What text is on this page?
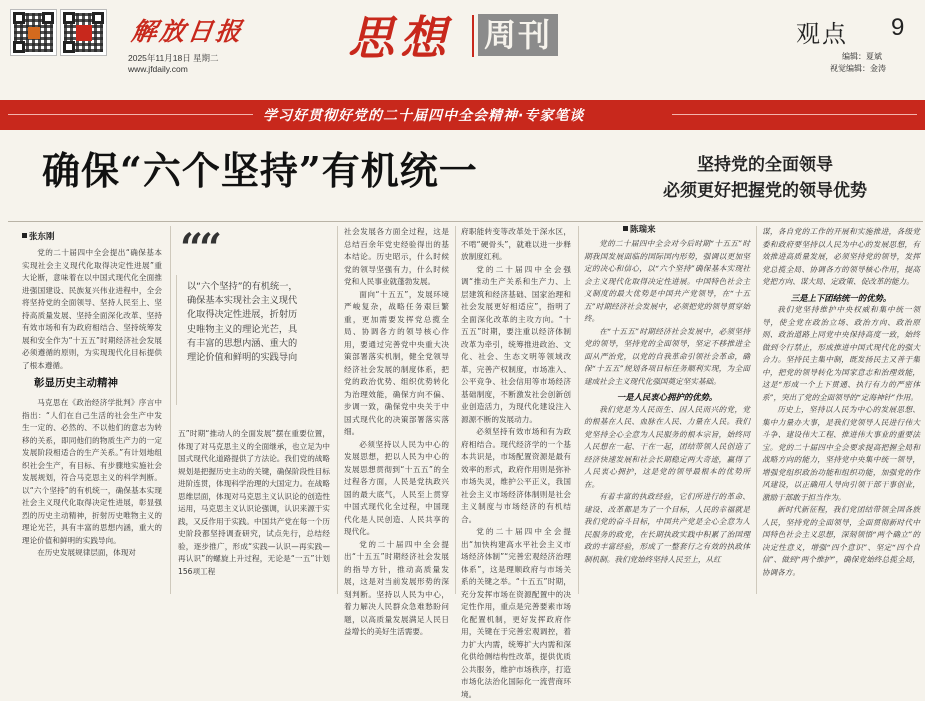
解放日报
2025年11月18日 星期二
www.jfdaily.com
思想 周刊	观点 9
编辑：夏斌
视觉编辑：金涛
学习好贯彻好党的二十届四中全会精神·专家笔谈
确保“六个坚持”有机统一	坚持党的全面领导
必须更好把握党的领导优势
张东刚

党的二十届四中全会提出“确保基本实现社会主义现代化取得决定性进展”重大论断，意味着在以中国式现代化全面推进强国建设、民族复兴伟业进程中，全会将坚持党的全面领导、坚持人民至上、坚持高质量发展、坚持全面深化改革、坚持有效市场和有为政府相结合、坚持统筹发展和安全作为“十五五”时期经济社会发展必须遵循的原则，为实现现代化目标提供了根本遵循。

彰显历史主动精神

马克思在《政治经济学批判》序言中指出：“人们在自己生活的社会生产中发生一定的、必然的、不以他们的意志为转移的关系，即同他们的物质生产力的一定发展阶段相适合的生产关系。”有计划地组织社会生产，有目标、有步骤地实施社会发展规划，符合马克思主义的科学判断。以“六个坚持”的有机统一，确保基本实现社会主义现代化取得决定性进展，彰显强烈的历史主动精神，折射历史唯物主义的理论光芒，具有丰富的思想内涵，重大的理论价值和鲜明的实践导向。

在历史发展规律层面，体现对

““
以“六个坚持”的有机统一，确保基本实现社会主义现代化取得决定性进展，折射历史唯物主义的理论光芒，具有丰富的思想内涵、重大的理论价值和鲜明的实践导向

五”时期“推动人的全面发展”摆在重要位置，体现了对马克思主义的全面继承，也立足为中国式现代化道路提供了方法论。我们党的战略规划是把握历史主动的关键，确保阶段性目标进阶连贯，体现科学治理的大国定力。在战略思维层面，体现对马克思主义认识论的创造性运用，马克思主义认识论强调，认识来源于实践，又反作用于实践。中国共产党在每一个历史阶段都坚持调查研究，试点先行，总结经验，逐步推广，形成“实践—认识—再实践—再认识”的螺旋上升过程，无论是“一五”计划156项工程

社会发展各方面全过程，这是总结百余年党史经验得出的基本结论。历史昭示，什么时候党的领导坚强有力，什么时候党和人民事业就蓬勃发展。

面向“十五五”，发展环境严峻复杂，战略任务艰巨繁重，更加需要发挥党总揽全局、协调各方的领导核心作用，要通过完善党中央重大决策部署落实机制，健全党领导经济社会发展的制度体系，把党的政治优势、组织优势转化为治理效能，确保方向不偏、步调一致，确保党中央关于中国式现代化的决策部署落实落细。

必须坚持以人民为中心的发展思想，把以人民为中心的发展思想贯彻到“十五五”的全过程各方面，人民是党执政兴国的最大底气，人民至上贯穿中国式现代化全过程，中国现代化是人民创造、人民共享的现代化。

党的二十届四中全会提出“十五五”时期经济社会发展的指导方针，推动高质量发展，这是对当前发展形势的深刻判断。坚持以人民为中心，着力解决人民群众急难愁盼问题，以高质量发展满足人民日益增长的美好生活需要。

府职能转变等改革处于深水区，不啃“硬骨头”，就难以进一步释放制度红利。

党的二十届四中全会强调“推动生产关系和生产力、上层建筑和经济基础、国家治理和社会发展更好相适应”，指明了全面深化改革的主攻方向。“十五五”时期，要注重以经济体制改革为牵引，统筹推进政治、文化、社会、生态文明等领域改革，完善产权制度，市场准入、公平竞争、社会信用等市场经济基础制度，不断激发社会创新创业创造活力，为现代化建设注入源源不断的发展动力。

必须坚持有效市场和有为政府相结合。现代经济学的一个基本共识是，市场配置资源是最有效率的形式，政府作用则是弥补市场失灵，维护公平正义，我国社会主义市场经济体制则是社会主义制度与市场经济的有机结合。

党的二十届四中全会提出“加快构建高水平社会主义市场经济体制”“完善宏观经济治理体系”，这是理顺政府与市场关系的关键之举。“十五五”时期，充分发挥市场在资源配置中的决定性作用，重点是完善要素市场化配置机制，更好发挥政府作用，关键在于完善宏观调控，着力扩大内需，统筹扩大内需和深化供给侧结构性改革，提供优质公共服务，维护市场秩序，打造市场化法治化国际化一流营商环境。

陈瑞来

党的二十届四中全会对今后时期“十五五”时期我国发展面临的国际国内形势，强调以更加坚定的决心和信心，以“六个坚持”确保基本实现社会主义现代化取得决定性进展。中国特色社会主义制度的最大优势是中国共产党领导，在“十五五”时期经济社会发展中，必须把党的领导贯穿始终。

在“十五五”时期经济社会发展中，必须坚持党的领导，坚持党的全面领导，坚定不移推进全面从严治党，以党的自我革命引领社会革命，确保“十五五”规划各项目标任务顺利实现，为全面建成社会主义现代化强国奠定坚实基础。

一是人民衷心拥护的优势。

我们党是为人民而生、因人民而兴的党，党的根基在人民、血脉在人民、力量在人民。我们党坚持全心全意为人民服务的根本宗旨，始终同人民想在一起、干在一起，团结带领人民创造了经济快速发展和社会长期稳定两大奇迹，赢得了人民衷心拥护，这是党的领导最根本的优势所在。

有着丰富的执政经验，它们所进行的革命、建设、改革都是为了一个目标，人民的幸福就是我们党的奋斗目标，中国共产党是全心全意为人民服务的政党，在长期执政实践中积累了治国理政的丰富经验，形成了一整套行之有效的执政体制机制。我们党始终坚持人民至上，从红

谋，各自党的工作的开展和实施推进，各级党委和政府要坚持以人民为中心的发展思想，有效推进高质量发展，必须坚持党的领导，发挥党总揽全局、协调各方的领导核心作用，提高党把方向、谋大局、定政策、促改革的能力。

三是上下团结统一的优势。

我们党坚持维护中央权威和集中统一领导，使全党在政治立场、政治方向、政治原则、政治道路上同党中央保持高度一致，始终做到令行禁止，形成推进中国式现代化的强大合力。坚持民主集中制，既发扬民主又善于集中，把党的领导转化为国家意志和治理效能，这是“形成一个上下贯通、执行有力的严密体系”，突出了党的全面领导的“定海神针”作用。

历史上，坚持以人民为中心的发展思想、集中力量办大事，是我们党领导人民进行伟大斗争、建设伟大工程、推进伟大事业的重要法宝。党的二十届四中全会要求提高把握全局和战略方向的能力，坚持党中央集中统一领导，增强党组织政治功能和组织功能，加强党的作风建设，以正确用人导向引领干部干事创业，激励干部敢于担当作为。

新时代新征程，我们党团结带领全国各族人民，坚持党的全面领导，全面贯彻新时代中国特色社会主义思想，深刻领悟“两个确立”的决定性意义，增强“四个意识”、坚定“四个自信”、做到“两个维护”，确保党始终总揽全局，协调各方。
